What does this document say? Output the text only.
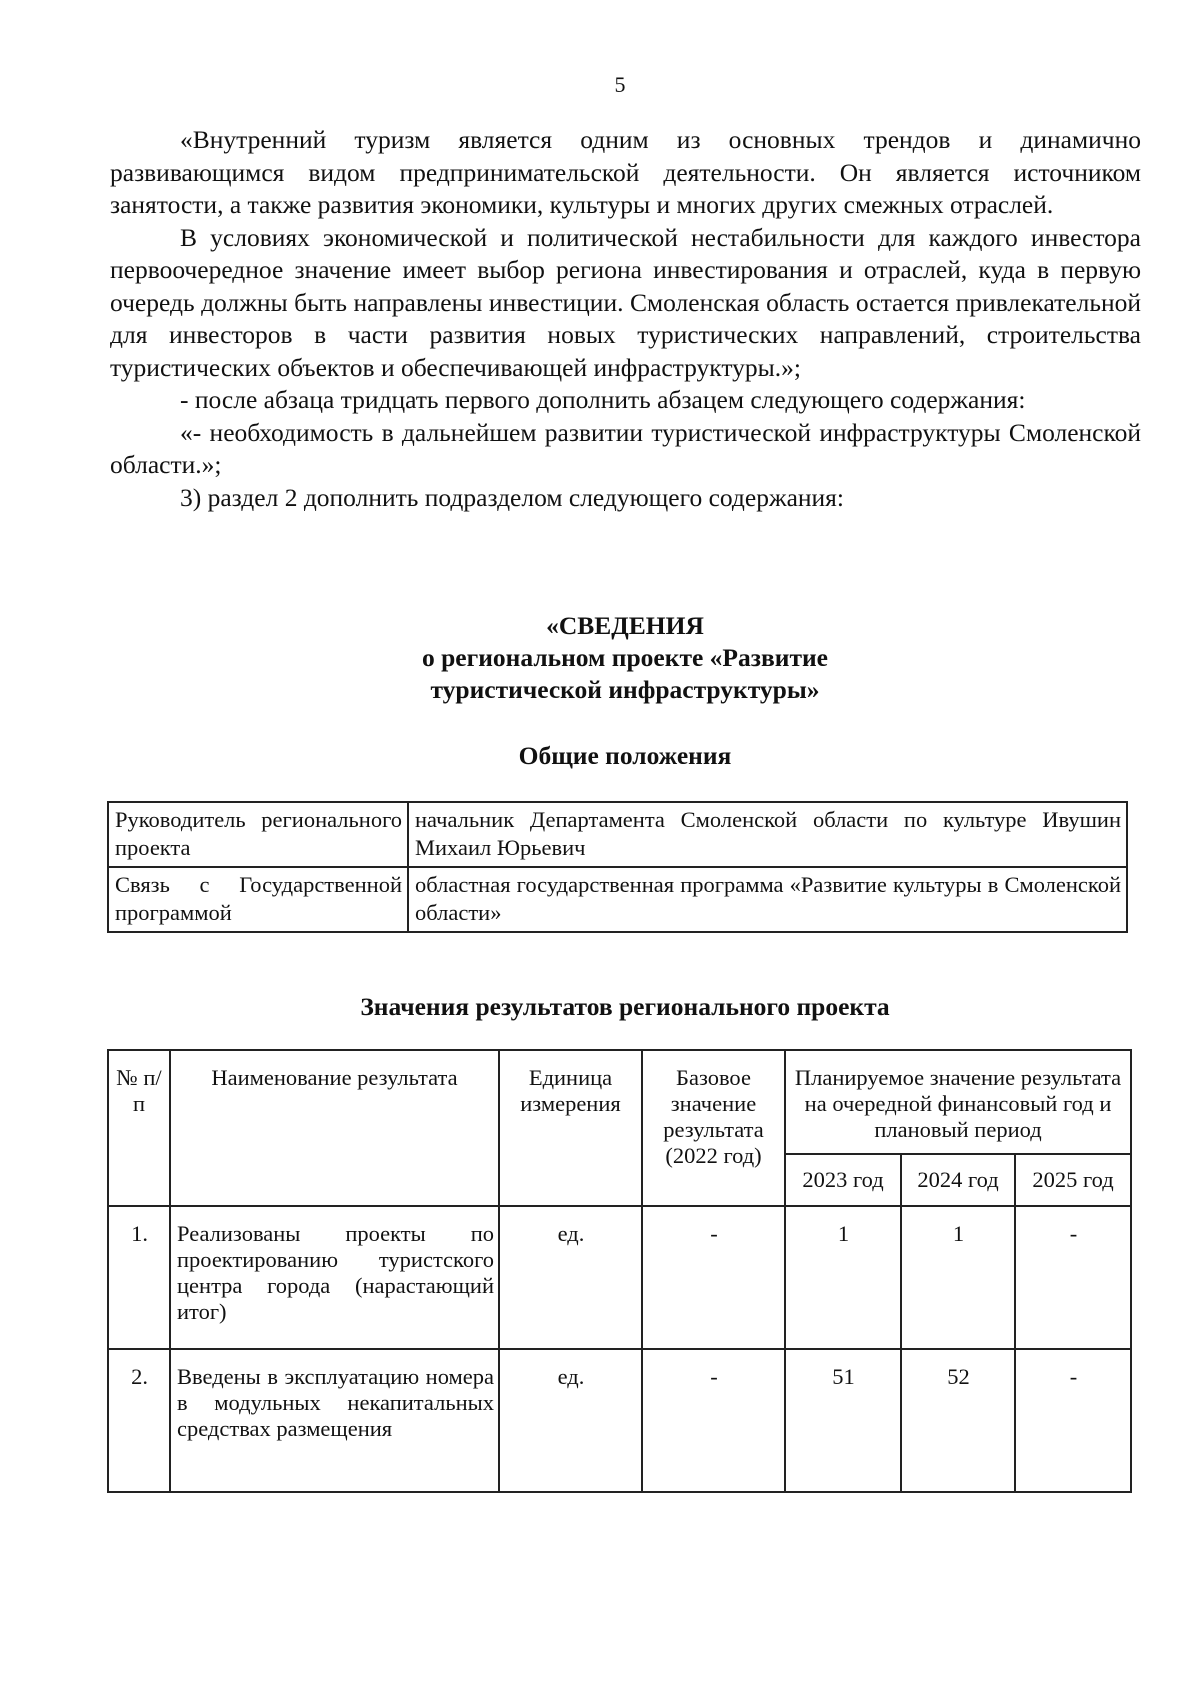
5

«Внутренний туризм является одним из основных трендов и динамично развивающимся видом предпринимательской деятельности. Он является источником занятости, а также развития экономики, культуры и многих других смежных отраслей.

В условиях экономической и политической нестабильности для каждого инвестора первоочередное значение имеет выбор региона инвестирования и отраслей, куда в первую очередь должны быть направлены инвестиции. Смоленская область остается привлекательной для инвесторов в части развития новых туристических направлений, строительства туристических объектов и обеспечивающей инфраструктуры.»;

- после абзаца тридцать первого дополнить абзацем следующего содержания:

«- необходимость в дальнейшем развитии туристической инфраструктуры Смоленской области.»;

3) раздел 2 дополнить подразделом следующего содержания:

«СВЕДЕНИЯ
о региональном проекте «Развитие
туристической инфраструктуры»
Общие положения
Руководитель регионального проекта	начальник Департамента Смоленской области по культуре Ивушин Михаил Юрьевич
Связь с Государственной программой	областная государственная программа «Развитие культуры в Смоленской области»
Значения результатов регионального проекта
№ п/п	Наименование результата	Единица измерения	Базовое значение результата (2022 год)	Планируемое значение результата на очередной финансовый год и плановый период		
				2023 год	2024 год	2025 год
1.	Реализованы проекты по проектированию туристского центра города (нарастающий итог)	ед.	-	1	1	-
2.	Введены в эксплуатацию номера в модульных некапитальных средствах размещения	ед.	-	51	52	-
